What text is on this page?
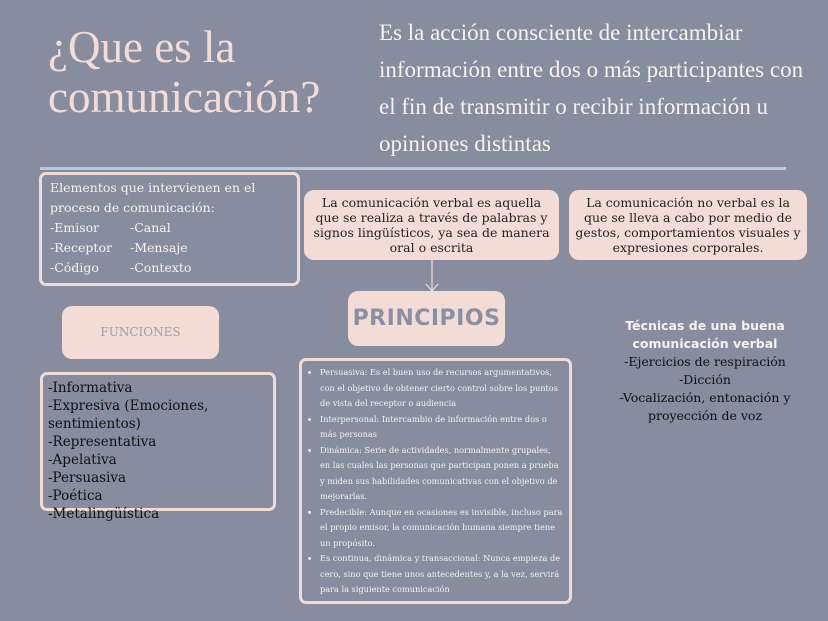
¿Que es la comunicación?
Es la acción consciente de intercambiar información entre dos o más participantes con el fin de transmitir o recibir información u opiniones distintas
Elementos que intervienen en el proceso de comunicación:
-Emisor	-Canal
-Receptor	-Mensaje
-Código	-Contexto
La comunicación verbal es aquella que se realiza a través de palabras y signos lingüísticos, ya sea de manera oral o escrita
La comunicación no verbal es la que se lleva a cabo por medio de gestos, comportamientos visuales y expresiones corporales.
PRINCIPIOS
FUNCIONES
-Informativa
-Expresiva (Emociones, sentimientos)
-Representativa
-Apelativa
-Persuasiva
-Poética
-Metalingüística
• Persuasiva: Es el buen uso de recursos argumentativos, con el objetivo de obtener cierto control sobre los puntos de vista del receptor o audiencia
• Interpersonal: Intercambio de información entre dos o más personas
• Dinámica: Serie de actividades, normalmente grupales, en las cuales las personas que participan ponen a prueba y miden sus habilidades comunicativas con el objetivo de mejorarlas.
• Predecible: Aunque en ocasiones es invisible, incluso para el propio emisor, la comunicación humana siempre tiene un propósito.
• Es continua, dinámica y transaccional: Nunca empieza de cero, sino que tiene unos antecedentes y, a la vez, servirá para la siguiente comunicación
Técnicas de una buena comunicación verbal
-Ejercicios de respiración
-Dicción
-Vocalización, entonación y proyección de voz
